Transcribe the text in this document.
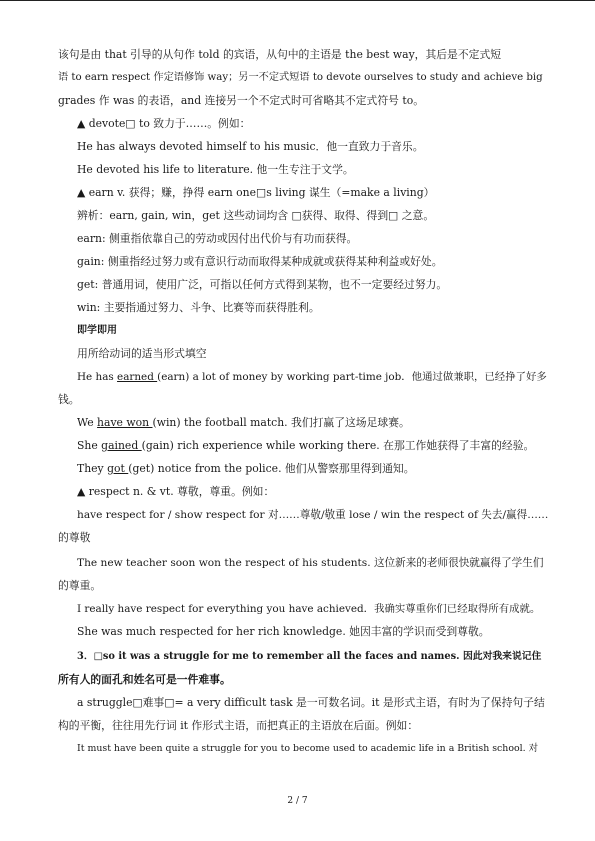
该句是由 that 引导的从句作 told 的宾语，从句中的主语是 the best way，其后是不定式短
语 to earn respect 作定语修饰 way；另一不定式短语 to devote ourselves to study and achieve big
grades 作 was 的表语，and 连接另一个不定式时可省略其不定式符号 to。
▲ devote□ to 致力于……。例如：
He has always devoted himself to his music．他一直致力于音乐。
He devoted his life to literature. 他一生专注于文学。
▲ earn v. 获得；赚，挣得 earn one□s living 谋生（=make a living）
辨析：earn, gain, win，get 这些动词均含 □获得、取得、得到□ 之意。
earn: 侧重指依靠自己的劳动或因付出代价与有功而获得。
gain: 侧重指经过努力或有意识行动而取得某种成就或获得某种利益或好处。
get: 普通用词，使用广泛，可指以任何方式得到某物，也不一定要经过努力。
win: 主要指通过努力、斗争、比赛等而获得胜利。
即学即用
用所给动词的适当形式填空
He has earned (earn) a lot of money by working part-time job．他通过做兼职，已经挣了好多
钱。
We have won (win) the football match. 我们打赢了这场足球赛。
She gained (gain) rich experience while working there. 在那工作她获得了丰富的经验。
They got (get) notice from the police. 他们从警察那里得到通知。
▲ respect n. & vt. 尊敬，尊重。例如：
have respect for / show respect for 对……尊敬/敬重 lose / win the respect of 失去/赢得……
的尊敬
The new teacher soon won the respect of his students. 这位新来的老师很快就赢得了学生们
的尊重。
I really have respect for everything you have achieved．我确实尊重你们已经取得所有成就。
She was much respected for her rich knowledge. 她因丰富的学识而受到尊敬。
3．□so it was a struggle for me to remember all the faces and names. 因此对我来说记住
所有人的面孔和姓名可是一件难事。
a struggle□难事□= a very difficult task 是一可数名词。it 是形式主语，有时为了保持句子结
构的平衡，往往用先行词 it 作形式主语，而把真正的主语放在后面。例如：
It must have been quite a struggle for you to become used to academic life in a British school. 对
2 / 7
